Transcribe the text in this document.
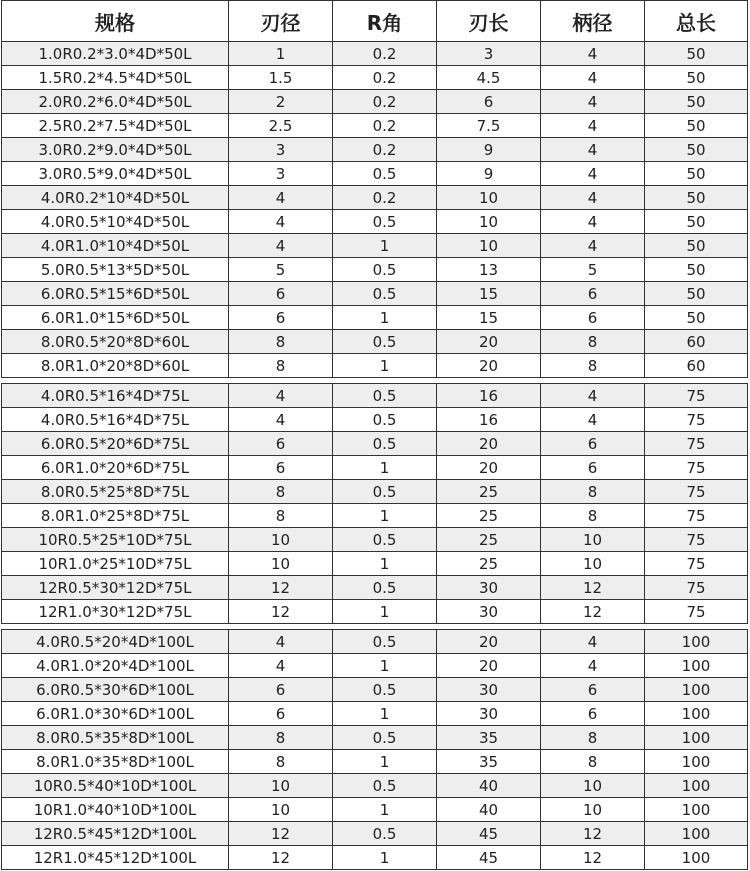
规格	刃径	R角	刃长	柄径	总长
1.0R0.2*3.0*4D*50L	1	0.2	3	4	50
1.5R0.2*4.5*4D*50L	1.5	0.2	4.5	4	50
2.0R0.2*6.0*4D*50L	2	0.2	6	4	50
2.5R0.2*7.5*4D*50L	2.5	0.2	7.5	4	50
3.0R0.2*9.0*4D*50L	3	0.2	9	4	50
3.0R0.5*9.0*4D*50L	3	0.5	9	4	50
4.0R0.2*10*4D*50L	4	0.2	10	4	50
4.0R0.5*10*4D*50L	4	0.5	10	4	50
4.0R1.0*10*4D*50L	4	1	10	4	50
5.0R0.5*13*5D*50L	5	0.5	13	5	50
6.0R0.5*15*6D*50L	6	0.5	15	6	50
6.0R1.0*15*6D*50L	6	1	15	6	50
8.0R0.5*20*8D*60L	8	0.5	20	8	60
8.0R1.0*20*8D*60L	8	1	20	8	60

4.0R0.5*16*4D*75L	4	0.5	16	4	75
4.0R0.5*16*4D*75L	4	0.5	16	4	75
6.0R0.5*20*6D*75L	6	0.5	20	6	75
6.0R1.0*20*6D*75L	6	1	20	6	75
8.0R0.5*25*8D*75L	8	0.5	25	8	75
8.0R1.0*25*8D*75L	8	1	25	8	75
10R0.5*25*10D*75L	10	0.5	25	10	75
10R1.0*25*10D*75L	10	1	25	10	75
12R0.5*30*12D*75L	12	0.5	30	12	75
12R1.0*30*12D*75L	12	1	30	12	75

4.0R0.5*20*4D*100L	4	0.5	20	4	100
4.0R1.0*20*4D*100L	4	1	20	4	100
6.0R0.5*30*6D*100L	6	0.5	30	6	100
6.0R1.0*30*6D*100L	6	1	30	6	100
8.0R0.5*35*8D*100L	8	0.5	35	8	100
8.0R1.0*35*8D*100L	8	1	35	8	100
10R0.5*40*10D*100L	10	0.5	40	10	100
10R1.0*40*10D*100L	10	1	40	10	100
12R0.5*45*12D*100L	12	0.5	45	12	100
12R1.0*45*12D*100L	12	1	45	12	100
